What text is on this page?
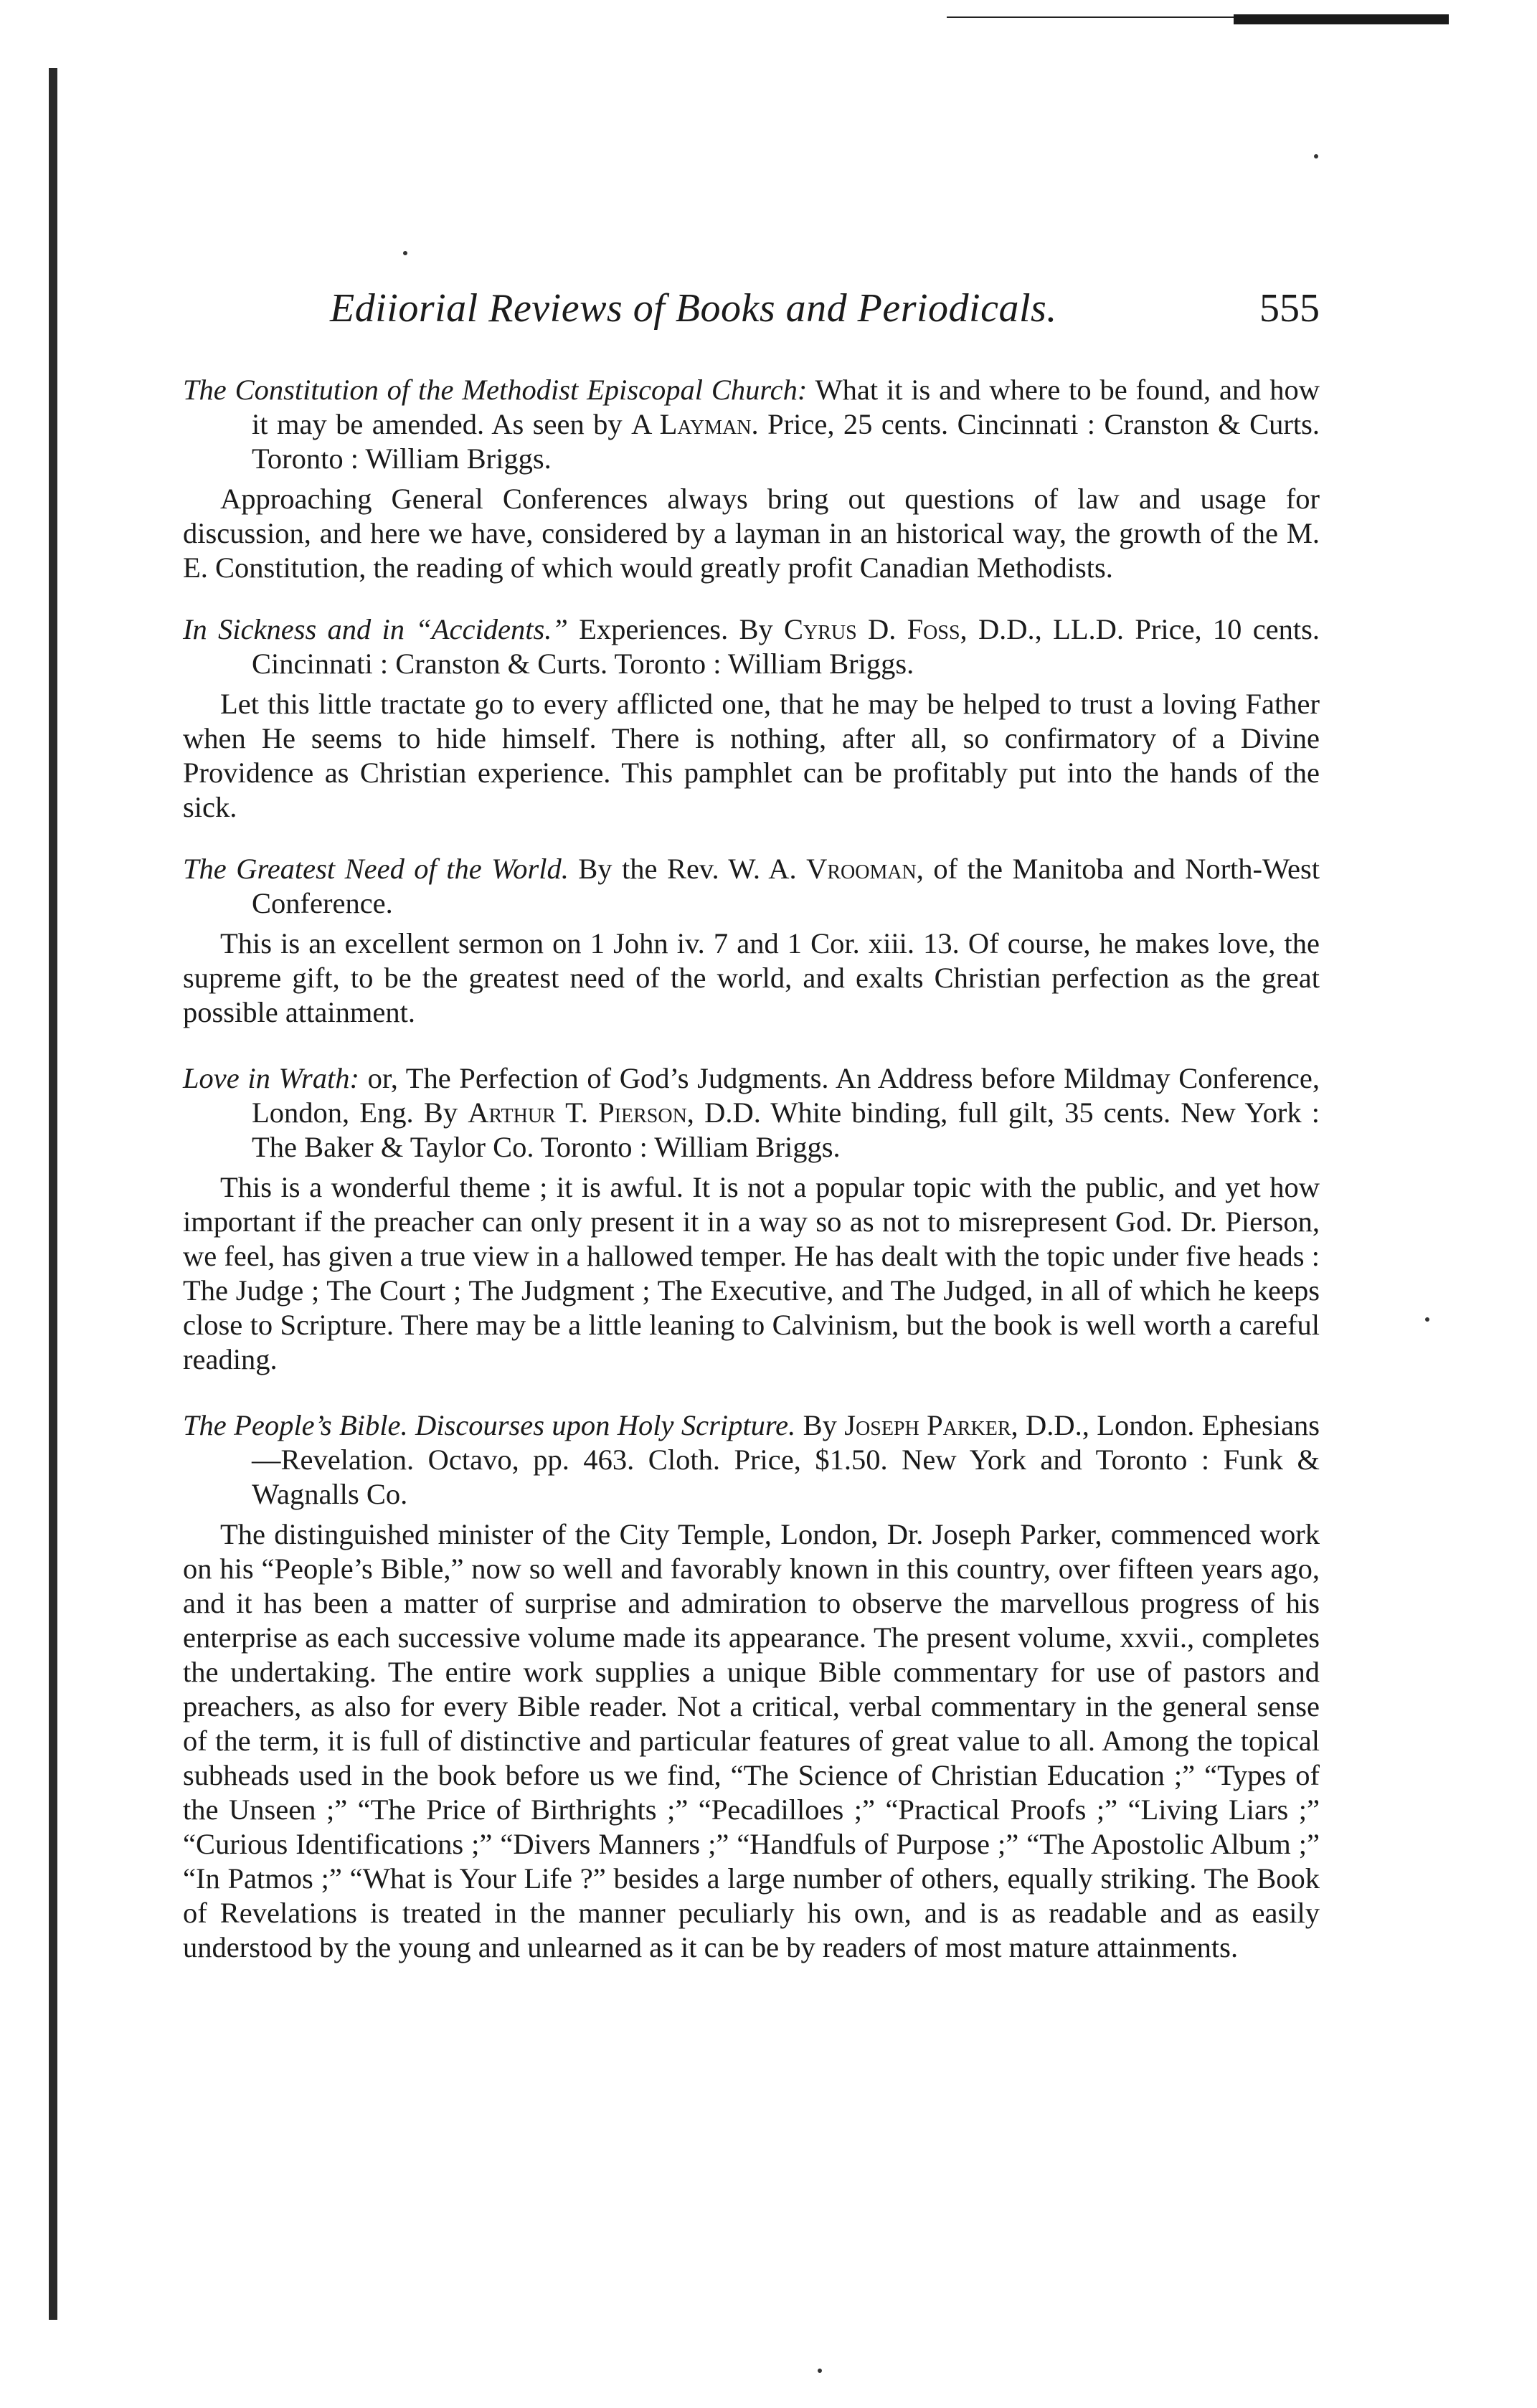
Ediiorial Reviews of Books and Periodicals.	555

The Constitution of the Methodist Episcopal Church: What it is and where to be found, and how it may be amended. As seen by A Layman. Price, 25 cents. Cincinnati : Cranston & Curts. Toronto : William Briggs.

Approaching General Conferences always bring out questions of law and usage for discussion, and here we have, considered by a layman in an historical way, the growth of the M. E. Constitution, the reading of which would greatly profit Canadian Methodists.

In Sickness and in “Accidents.” Experiences. By Cyrus D. Foss, D.D., LL.D. Price, 10 cents. Cincinnati : Cranston & Curts. Toronto : William Briggs.

Let this little tractate go to every afflicted one, that he may be helped to trust a loving Father when He seems to hide himself. There is nothing, after all, so confirmatory of a Divine Providence as Christian experience. This pamphlet can be profitably put into the hands of the sick.

The Greatest Need of the World. By the Rev. W. A. Vrooman, of the Manitoba and North-West Conference.

This is an excellent sermon on 1 John iv. 7 and 1 Cor. xiii. 13. Of course, he makes love, the supreme gift, to be the greatest need of the world, and exalts Christian perfection as the great possible attainment.

Love in Wrath: or, The Perfection of God’s Judgments. An Address before Mildmay Conference, London, Eng. By Arthur T. Pierson, D.D. White binding, full gilt, 35 cents. New York : The Baker & Taylor Co. Toronto : William Briggs.

This is a wonderful theme ; it is awful. It is not a popular topic with the public, and yet how important if the preacher can only present it in a way so as not to misrepresent God. Dr. Pierson, we feel, has given a true view in a hallowed temper. He has dealt with the topic under five heads : The Judge ; The Court ; The Judgment ; The Executive, and The Judged, in all of which he keeps close to Scripture. There may be a little leaning to Calvinism, but the book is well worth a careful reading.

The People’s Bible. Discourses upon Holy Scripture. By Joseph Parker, D.D., London. Ephesians—Revelation. Octavo, pp. 463. Cloth. Price, $1.50. New York and Toronto : Funk & Wagnalls Co.

The distinguished minister of the City Temple, London, Dr. Joseph Parker, commenced work on his “People’s Bible,” now so well and favorably known in this country, over fifteen years ago, and it has been a matter of surprise and admiration to observe the marvellous progress of his enterprise as each successive volume made its appearance. The present volume, xxvii., completes the undertaking. The entire work supplies a unique Bible commentary for use of pastors and preachers, as also for every Bible reader. Not a critical, verbal commentary in the general sense of the term, it is full of distinctive and particular features of great value to all. Among the topical subheads used in the book before us we find, “The Science of Christian Education ;” “Types of the Unseen ;” “The Price of Birthrights ;” “Pecadilloes ;” “Practical Proofs ;” “Living Liars ;” “Curious Identifications ;” “Divers Manners ;” “Handfuls of Purpose ;” “The Apostolic Album ;” “In Patmos ;” “What is Your Life ?” besides a large number of others, equally striking. The Book of Revelations is treated in the manner peculiarly his own, and is as readable and as easily understood by the young and unlearned as it can be by readers of most mature attainments.
